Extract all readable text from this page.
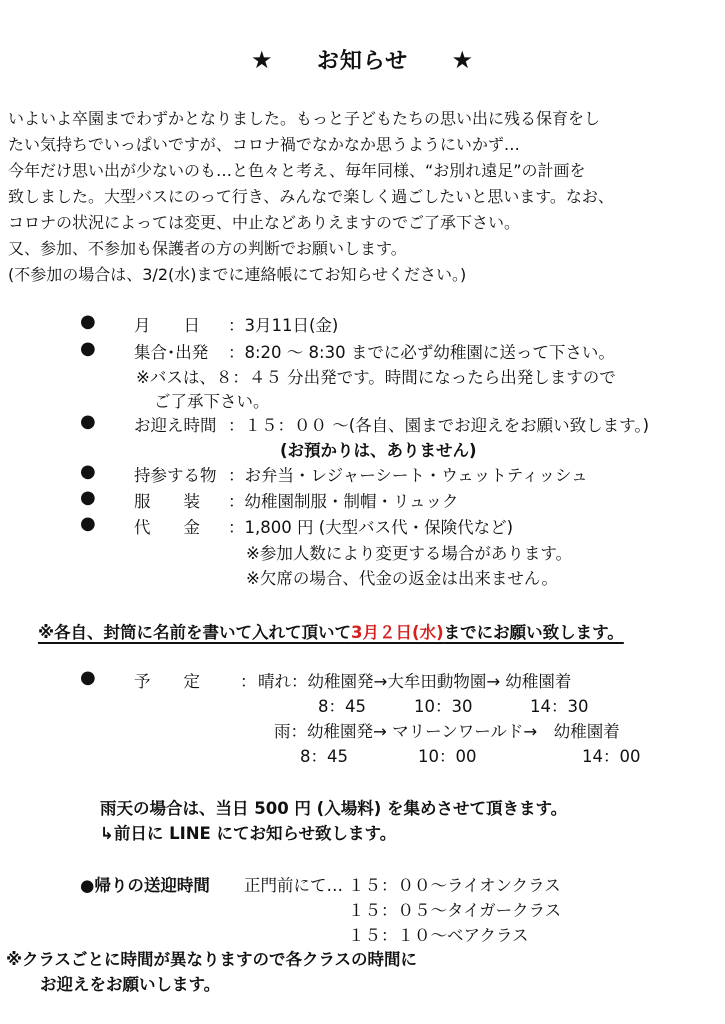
★ お知らせ ★
いよいよ卒園までわずかとなりました。もっと子どもたちの思い出に残る保育をし
たい気持ちでいっぱいですが、コロナ禍でなかなか思うようにいかず…
今年だけ思い出が少ないのも…と色々と考え、毎年同様、“お別れ遠足”の計画を
致しました。大型バスにのって行き、みんなで楽しく過ごしたいと思います。なお、
コロナの状況によっては変更、中止などありえますのでご了承下さい。
又、参加、不参加も保護者の方の判断でお願いします。
(不参加の場合は、3/2(水)までに連絡帳にてお知らせください。)
●
●
●
●
●
●
月　　日 ：3月11日(金)
集合･出発 ：8:20 ～ 8:30 までに必ず幼稚園に送って下さい。
※バスは、８：４５ 分出発です。時間になったら出発しますので
ご了承下さい。
お迎え時間 ：１５：００ ～(各自、園までお迎えをお願い致します。)
(お預かりは、ありません)
持参する物 ：お弁当・レジャーシート・ウェットティッシュ
服　　装 ：幼稚園制服・制帽・リュック
代　　金 ：1,800 円 (大型バス代・保険代など)
※参加人数により変更する場合があります。
※欠席の場合、代金の返金は出来ません。
※各自、封筒に名前を書いて入れて頂いて3月２日(水)までにお願い致します。
● 予　　定 ： 晴れ：幼稚園発→大牟田動物園→ 幼稚園着
8：45	10：30	14：30
雨：幼稚園発→ マリーンワールド→　幼稚園着
8：45	10：00	14：00
雨天の場合は、当日 500 円 (入場料) を集めさせて頂きます。
↳前日に LINE にてお知らせ致します。
●帰りの送迎時間 正門前にて… １５：００～ライオンクラス
１５：０５～タイガークラス
１５：１０～ベアクラス
※クラスごとに時間が異なりますので各クラスの時間に
お迎えをお願いします。
